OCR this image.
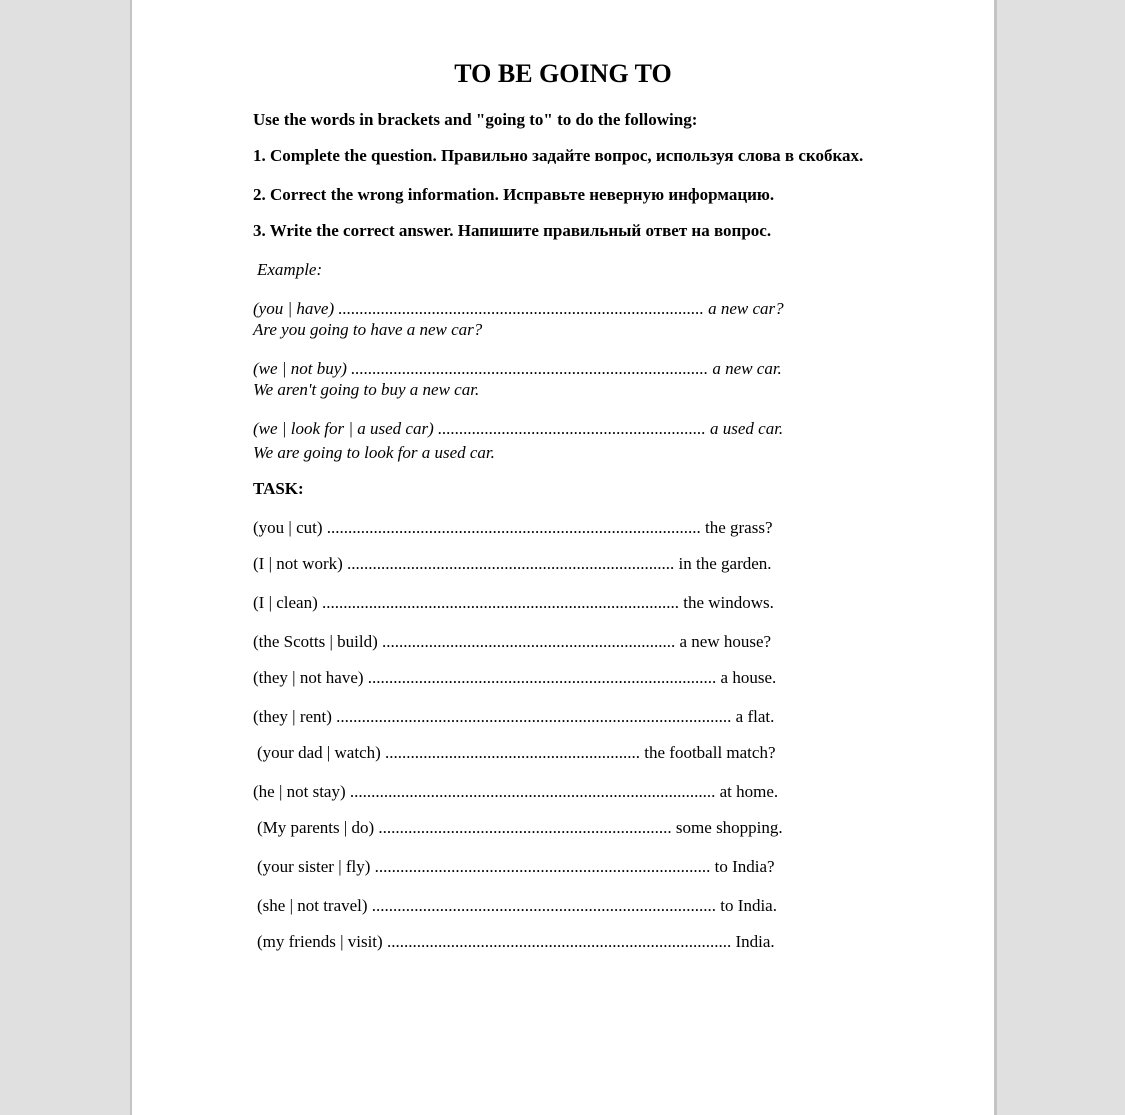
TO BE GOING TO
Use the words in brackets and "going to" to do the following:
1. Complete the question. Правильно задайте вопрос, используя слова в скобках.
2. Correct the wrong information. Исправьте неверную информацию.
3. Write the correct answer. Напишите правильный ответ на вопрос.
Example:
(you | have) ...................................................................................... a new car?
Are you going to have a new car?
(we | not buy) .................................................................................... a new car.
We aren't going to buy a new car.
(we | look for | a used car) ............................................................... a used car.
We are going to look for a used car.
TASK:
(you | cut) ........................................................................................ the grass?
(I | not work) ............................................................................. in the garden.
(I | clean) .................................................................................... the windows.
(the Scotts | build) ..................................................................... a new house?
(they | not have) .................................................................................. a house.
(they | rent) ............................................................................................. a flat.
(your dad | watch) ............................................................ the football match?
(he | not stay) ...................................................................................... at home.
(My parents | do) ..................................................................... some shopping.
(your sister | fly) ............................................................................... to India?
(she | not travel) ................................................................................. to India.
(my friends | visit) ................................................................................. India.
